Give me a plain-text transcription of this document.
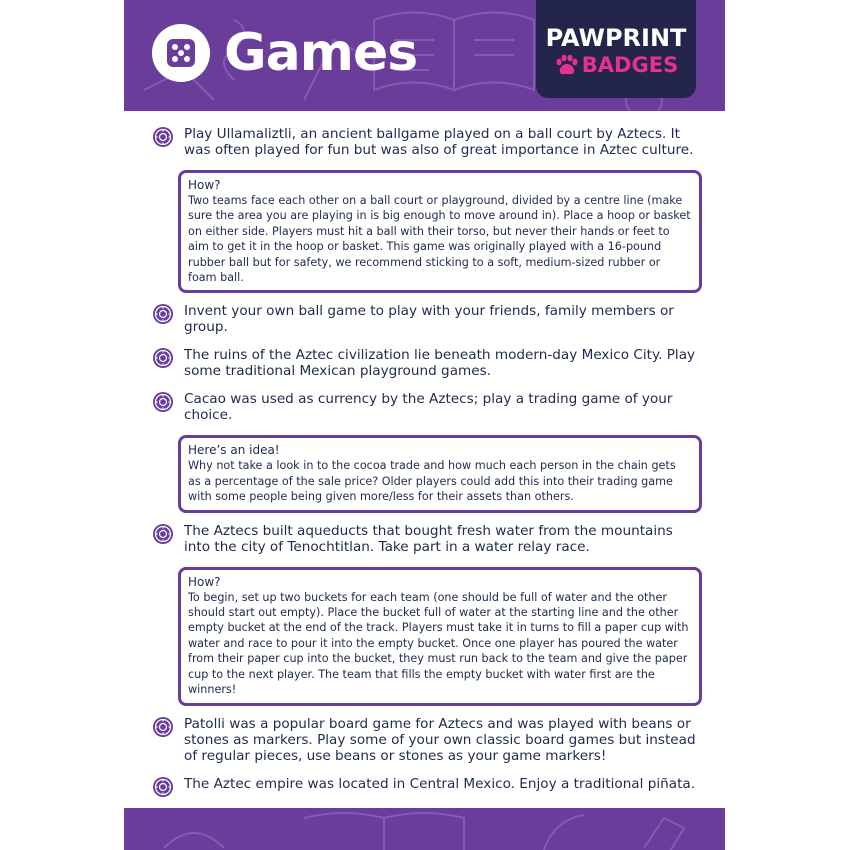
Games	PAWPRINT
BADGES
Play Ullamaliztli, an ancient ballgame played on a ball court by Aztecs. It was often played for fun but was also of great importance in Aztec culture.
How?
Two teams face each other on a ball court or playground, divided by a centre line (make sure the area you are playing in is big enough to move around in). Place a hoop or basket on either side. Players must hit a ball with their torso, but never their hands or feet to aim to get it in the hoop or basket. This game was originally played with a 16-pound rubber ball but for safety, we recommend sticking to a soft, medium-sized rubber or foam ball.
Invent your own ball game to play with your friends, family members or group.
The ruins of the Aztec civilization lie beneath modern-day Mexico City. Play some traditional Mexican playground games.
Cacao was used as currency by the Aztecs; play a trading game of your choice.
Here’s an idea!
Why not take a look in to the cocoa trade and how much each person in the chain gets as a percentage of the sale price? Older players could add this into their trading game with some people being given more/less for their assets than others.
The Aztecs built aqueducts that bought fresh water from the mountains into the city of Tenochtitlan. Take part in a water relay race.
How?
To begin, set up two buckets for each team (one should be full of water and the other should start out empty). Place the bucket full of water at the starting line and the other empty bucket at the end of the track. Players must take it in turns to fill a paper cup with water and race to pour it into the empty bucket. Once one player has poured the water from their paper cup into the bucket, they must run back to the team and give the paper cup to the next player. The team that fills the empty bucket with water first are the winners!
Patolli was a popular board game for Aztecs and was played with beans or stones as markers. Play some of your own classic board games but instead of regular pieces, use beans or stones as your game markers!
The Aztec empire was located in Central Mexico. Enjoy a traditional piñata.
